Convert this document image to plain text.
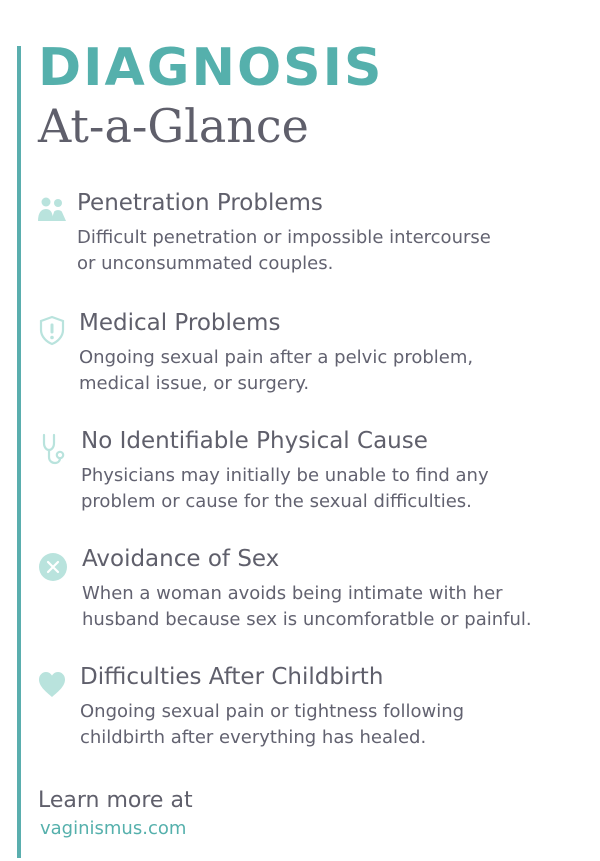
DIAGNOSIS
At-a-Glance
Penetration Problems

Difficult penetration or impossible intercourse
or unconsummated couples.

Medical Problems

Ongoing sexual pain after a pelvic problem,
medical issue, or surgery.

No Identifiable Physical Cause

Physicians may initially be unable to find any
problem or cause for the sexual difficulties.

Avoidance of Sex

When a woman avoids being intimate with her
husband because sex is uncomforatble or painful.

Difficulties After Childbirth

Ongoing sexual pain or tightness following
childbirth after everything has healed.

Learn more at

vaginismus.com
